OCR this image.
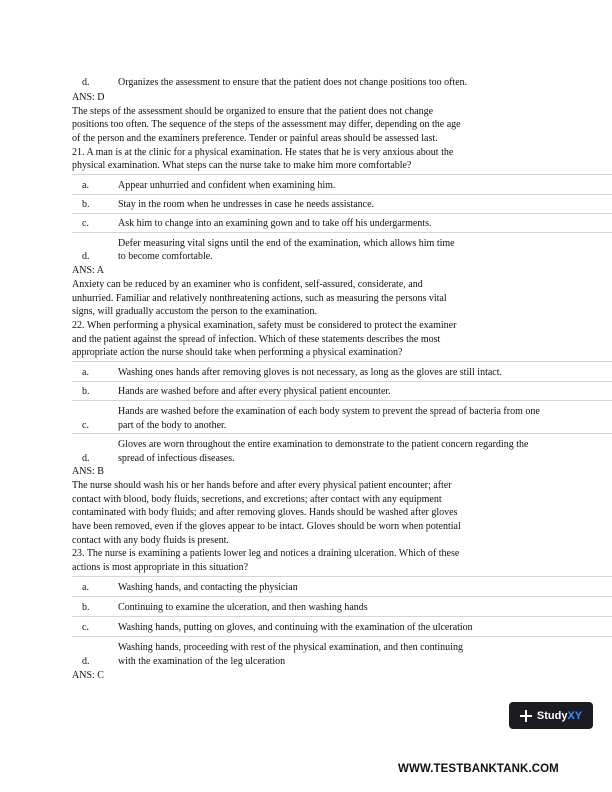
d.	Organizes the assessment to ensure that the patient does not change positions too often.
ANS: D
The steps of the assessment should be organized to ensure that the patient does not change
positions too often. The sequence of the steps of the assessment may differ, depending on the age
of the person and the examiners preference. Tender or painful areas should be assessed last.
21. A man is at the clinic for a physical examination. He states that he is very anxious about the
physical examination. What steps can the nurse take to make him more comfortable?
a.	Appear unhurried and confident when examining him.
b.	Stay in the room when he undresses in case he needs assistance.
c.	Ask him to change into an examining gown and to take off his undergarments.
d.
Defer measuring vital signs until the end of the examination, which allows him time
to become comfortable.
ANS: A
Anxiety can be reduced by an examiner who is confident, self-assured, considerate, and
unhurried. Familiar and relatively nonthreatening actions, such as measuring the persons vital
signs, will gradually accustom the person to the examination.
22. When performing a physical examination, safety must be considered to protect the examiner
and the patient against the spread of infection. Which of these statements describes the most
appropriate action the nurse should take when performing a physical examination?
a.	Washing ones hands after removing gloves is not necessary, as long as the gloves are still intact.
b.	Hands are washed before and after every physical patient encounter.
c.
Hands are washed before the examination of each body system to prevent the spread of bacteria from one
part of the body to another.
d.
Gloves are worn throughout the entire examination to demonstrate to the patient concern regarding the
spread of infectious diseases.
ANS: B
The nurse should wash his or her hands before and after every physical patient encounter; after
contact with blood, body fluids, secretions, and excretions; after contact with any equipment
contaminated with body fluids; and after removing gloves. Hands should be washed after gloves
have been removed, even if the gloves appear to be intact. Gloves should be worn when potential
contact with any body fluids is present.
23. The nurse is examining a patients lower leg and notices a draining ulceration. Which of these
actions is most appropriate in this situation?
a.	Washing hands, and contacting the physician
b.	Continuing to examine the ulceration, and then washing hands
c.	Washing hands, putting on gloves, and continuing with the examination of the ulceration
d.
Washing hands, proceeding with rest of the physical examination, and then continuing
with the examination of the leg ulceration
ANS: C
Study XY
WWW.TESTBANKTANK.COM
